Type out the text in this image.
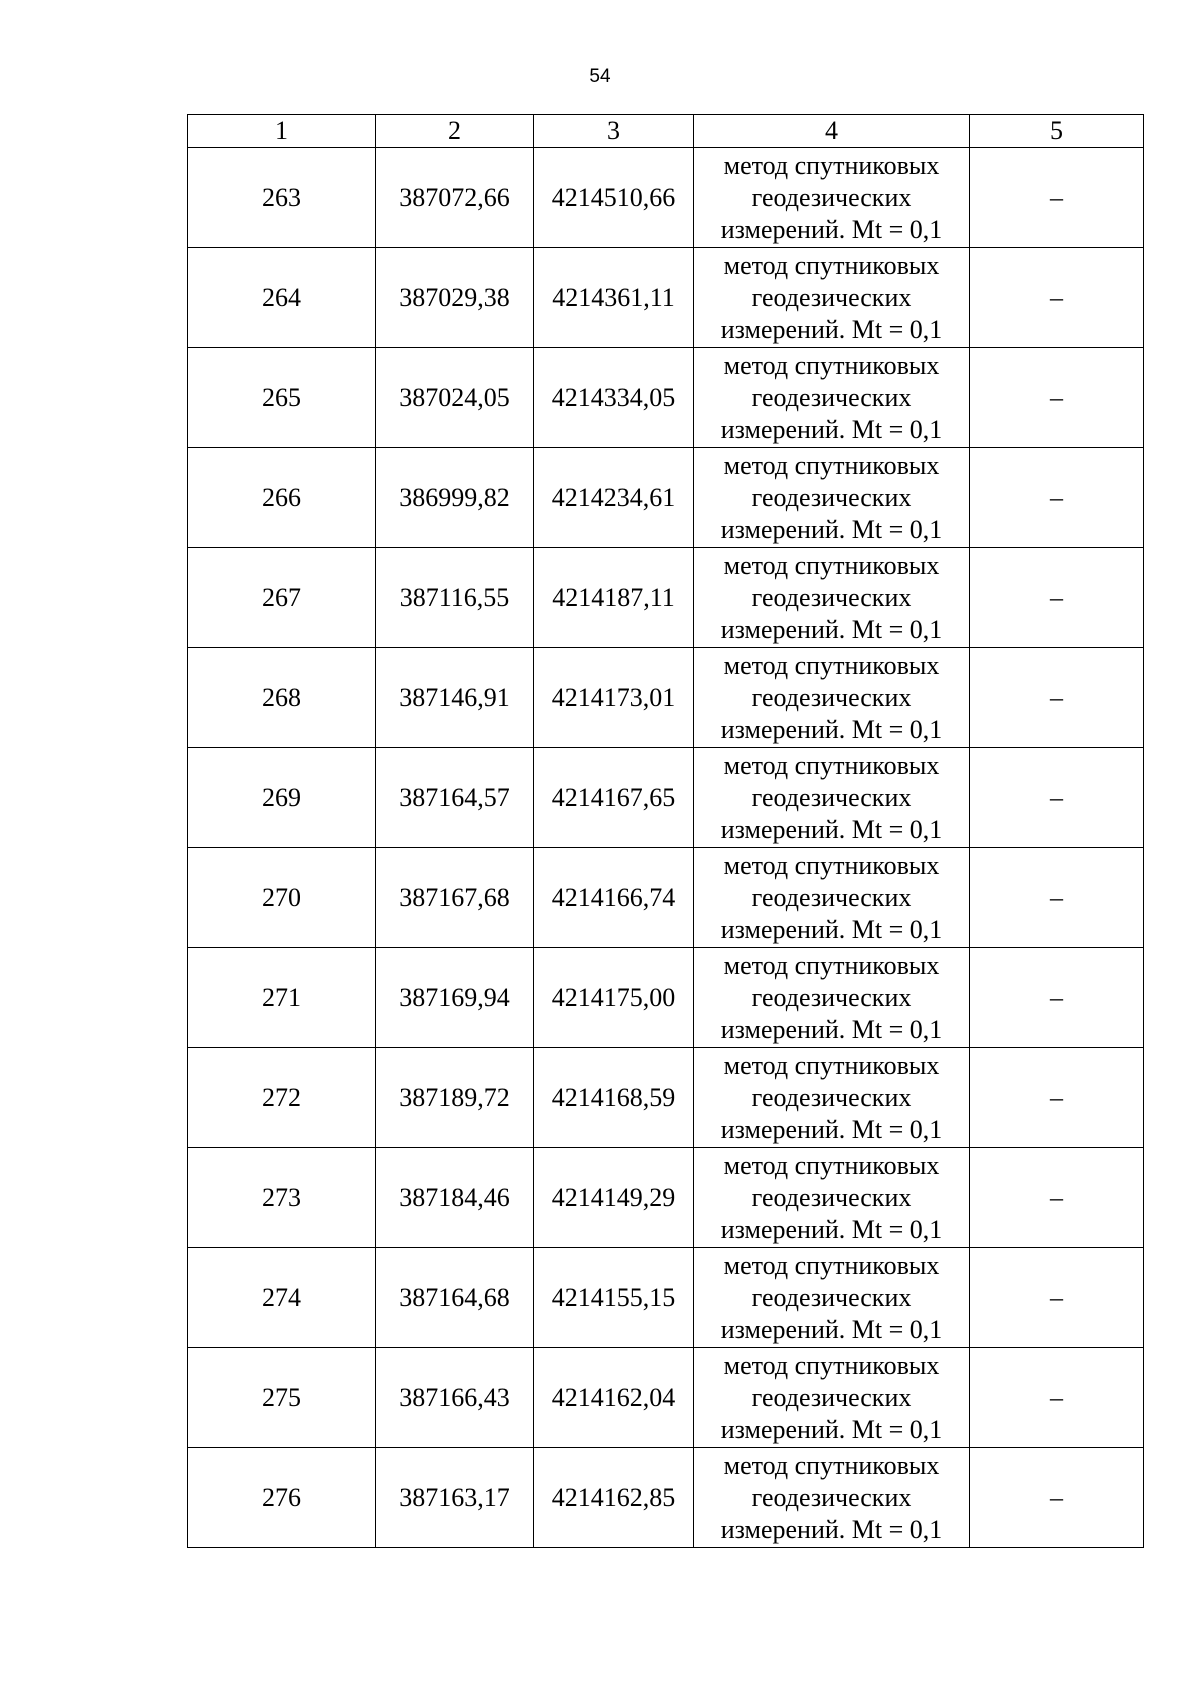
54
1	2	3	4	5
263	387072,66	4214510,66	метод спутниковых
геодезических
измерений. Mt = 0,1	–
264	387029,38	4214361,11	метод спутниковых
геодезических
измерений. Mt = 0,1	–
265	387024,05	4214334,05	метод спутниковых
геодезических
измерений. Mt = 0,1	–
266	386999,82	4214234,61	метод спутниковых
геодезических
измерений. Mt = 0,1	–
267	387116,55	4214187,11	метод спутниковых
геодезических
измерений. Mt = 0,1	–
268	387146,91	4214173,01	метод спутниковых
геодезических
измерений. Mt = 0,1	–
269	387164,57	4214167,65	метод спутниковых
геодезических
измерений. Mt = 0,1	–
270	387167,68	4214166,74	метод спутниковых
геодезических
измерений. Mt = 0,1	–
271	387169,94	4214175,00	метод спутниковых
геодезических
измерений. Mt = 0,1	–
272	387189,72	4214168,59	метод спутниковых
геодезических
измерений. Mt = 0,1	–
273	387184,46	4214149,29	метод спутниковых
геодезических
измерений. Mt = 0,1	–
274	387164,68	4214155,15	метод спутниковых
геодезических
измерений. Mt = 0,1	–
275	387166,43	4214162,04	метод спутниковых
геодезических
измерений. Mt = 0,1	–
276	387163,17	4214162,85	метод спутниковых
геодезических
измерений. Mt = 0,1	–
